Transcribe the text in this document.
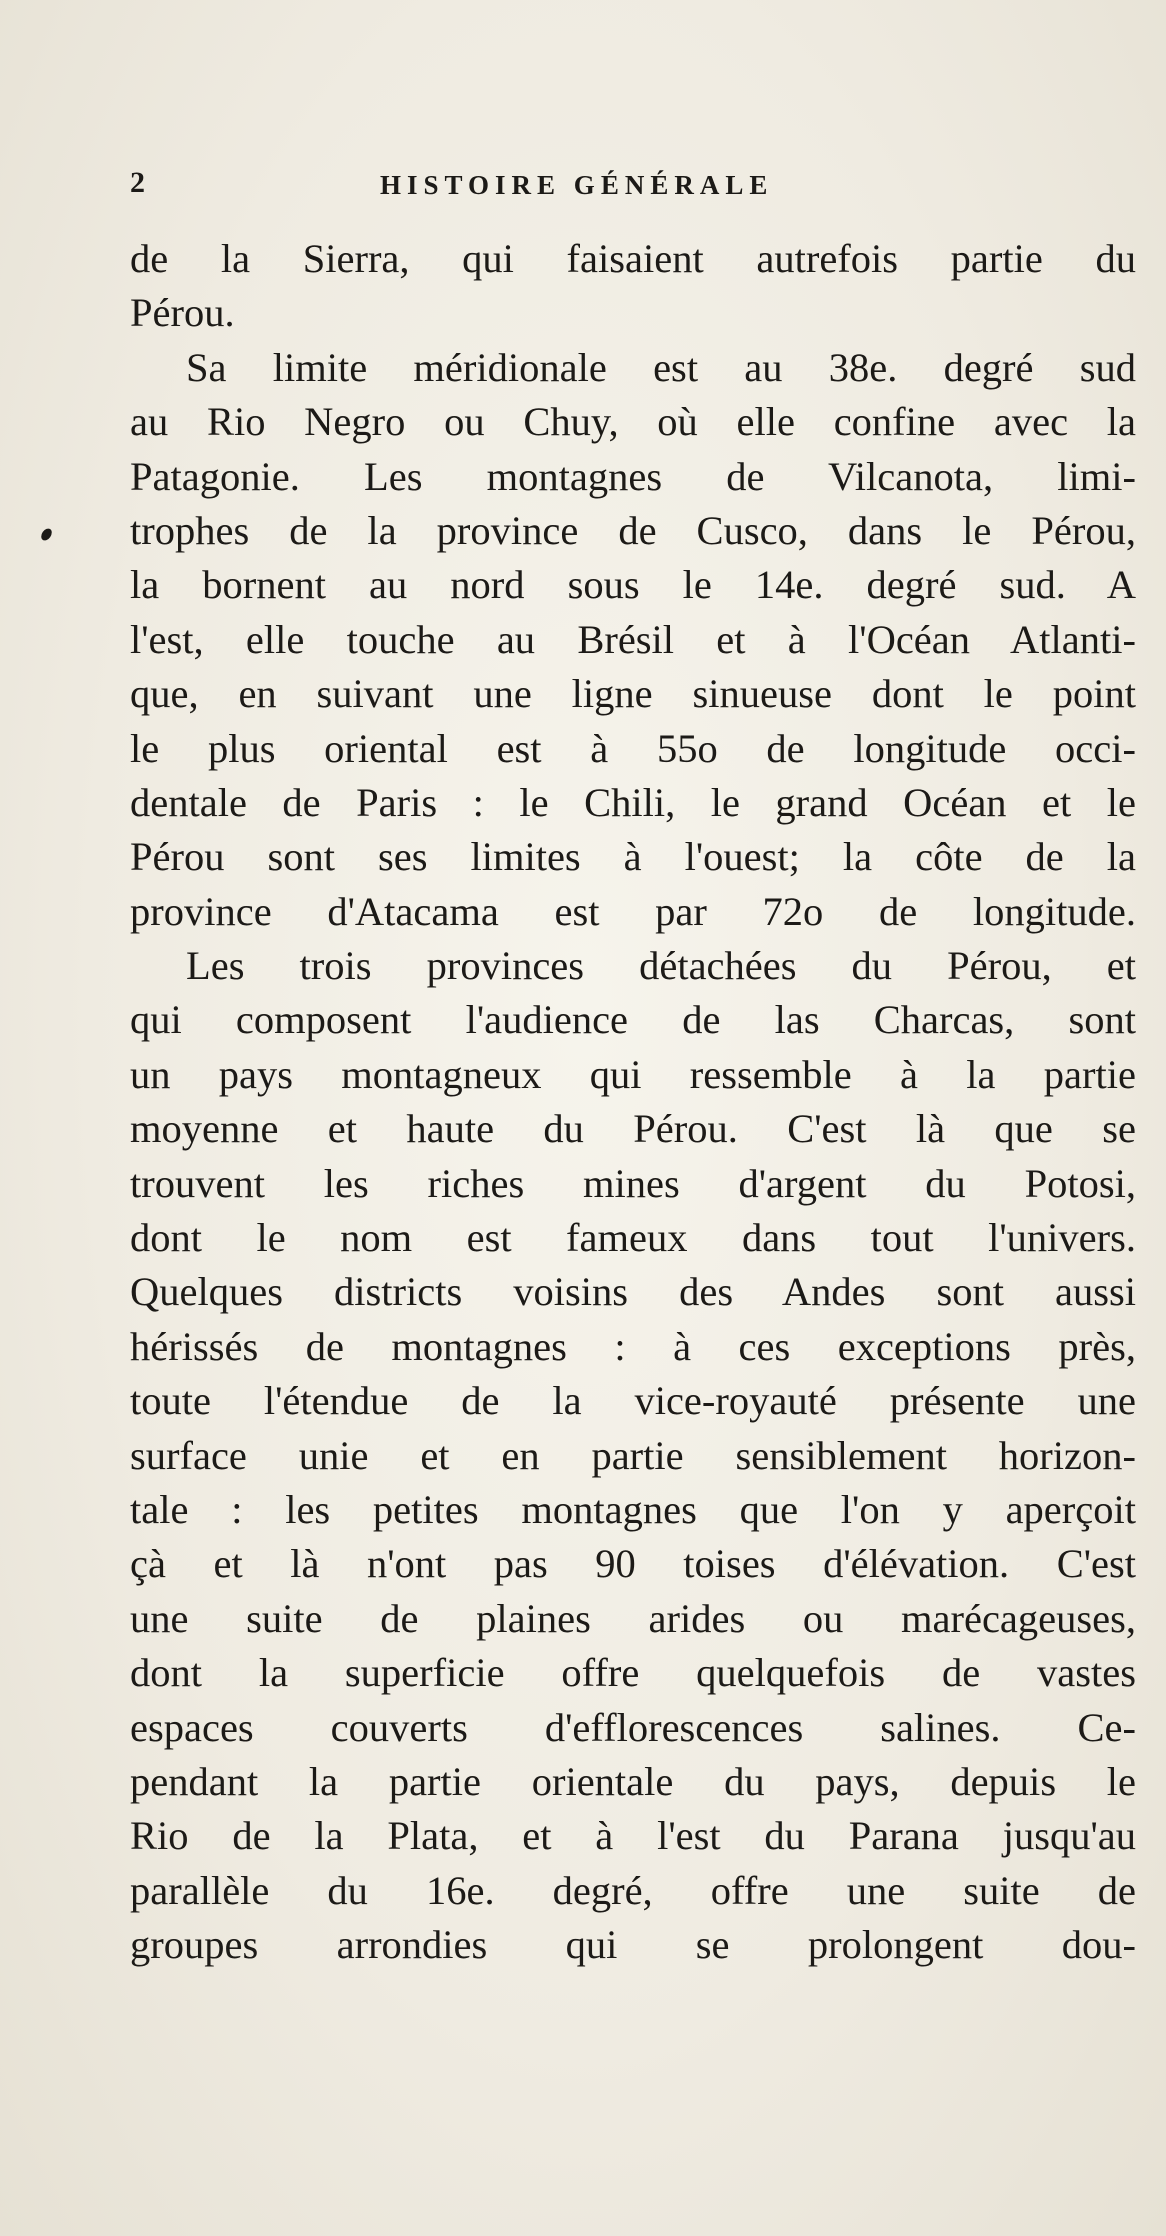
2	HISTOIRE GÉNÉRALE
de la Sierra, qui faisaient autrefois partie du
Pérou.
Sa limite méridionale est au 38e. degré sud
au Rio Negro ou Chuy, où elle confine avec la
Patagonie. Les montagnes de Vilcanota, limi-
trophes de la province de Cusco, dans le Pérou,
la bornent au nord sous le 14e. degré sud. A
l'est, elle touche au Brésil et à l'Océan Atlanti-
que, en suivant une ligne sinueuse dont le point
le plus oriental est à 55o de longitude occi-
dentale de Paris : le Chili, le grand Océan et le
Pérou sont ses limites à l'ouest; la côte de la
province d'Atacama est par 72o de longitude.
Les trois provinces détachées du Pérou, et
qui composent l'audience de las Charcas, sont
un pays montagneux qui ressemble à la partie
moyenne et haute du Pérou. C'est là que se
trouvent les riches mines d'argent du Potosi,
dont le nom est fameux dans tout l'univers.
Quelques districts voisins des Andes sont aussi
hérissés de montagnes : à ces exceptions près,
toute l'étendue de la vice-royauté présente une
surface unie et en partie sensiblement horizon-
tale : les petites montagnes que l'on y aperçoit
çà et là n'ont pas 90 toises d'élévation. C'est
une suite de plaines arides ou marécageuses,
dont la superficie offre quelquefois de vastes
espaces couverts d'efflorescences salines. Ce-
pendant la partie orientale du pays, depuis le
Rio de la Plata, et à l'est du Parana jusqu'au
parallèle du 16e. degré, offre une suite de
groupes arrondies qui se prolongent dou-
